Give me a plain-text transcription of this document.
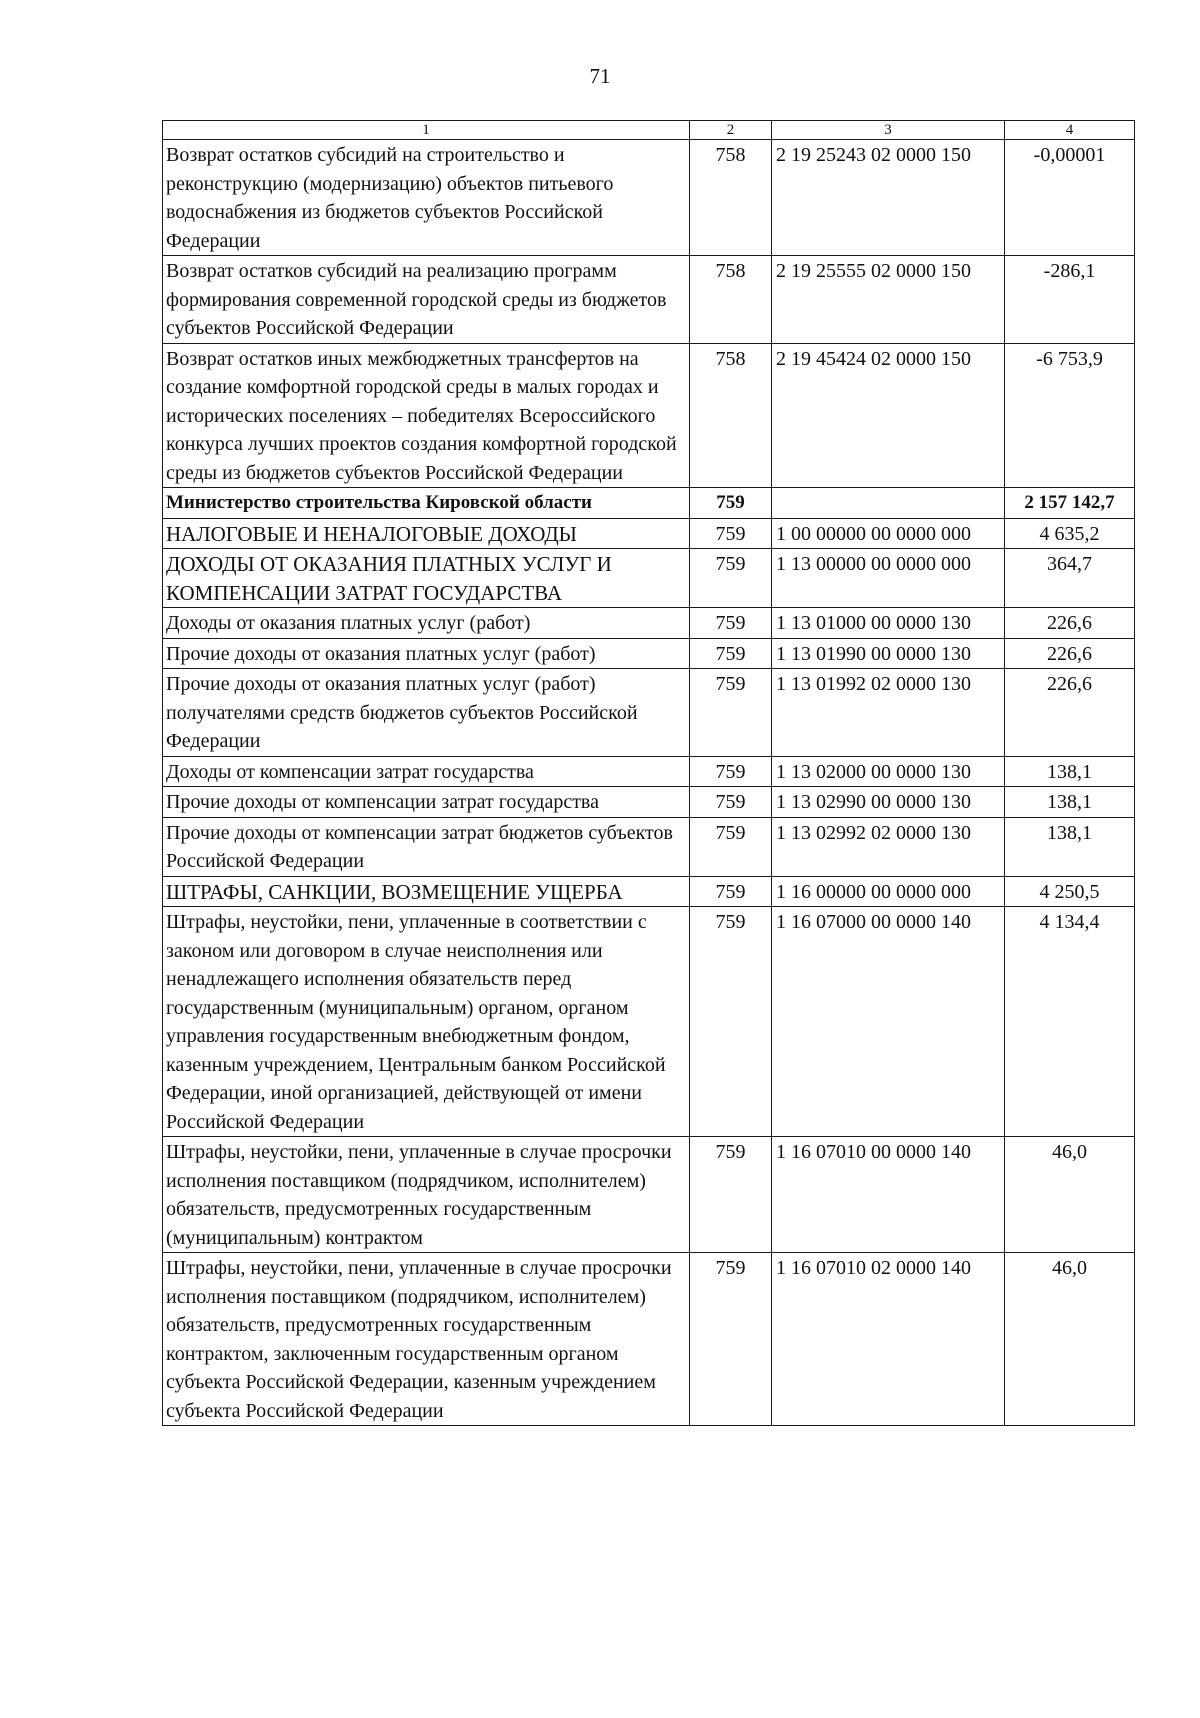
71
1	2	3	4
Возврат остатков субсидий на строительство и реконструкцию (модернизацию) объектов питьевого водоснабжения из бюджетов субъектов Российской Федерации	758	2 19 25243 02 0000 150	-0,00001
Возврат остатков субсидий на реализацию программ формирования современной городской среды из бюджетов субъектов Российской Федерации	758	2 19 25555 02 0000 150	-286,1
Возврат остатков иных межбюджетных трансфертов на создание комфортной городской среды в малых городах и исторических поселениях – победителях Всероссийского конкурса лучших проектов создания комфортной городской среды из бюджетов субъектов Российской Федерации	758	2 19 45424 02 0000 150	-6 753,9
Министерство строительства Кировской области	759		2 157 142,7
НАЛОГОВЫЕ И НЕНАЛОГОВЫЕ ДОХОДЫ	759	1 00 00000 00 0000 000	4 635,2
ДОХОДЫ ОТ ОКАЗАНИЯ ПЛАТНЫХ УСЛУГ И КОМПЕНСАЦИИ ЗАТРАТ ГОСУДАРСТВА	759	1 13 00000 00 0000 000	364,7
Доходы от оказания платных услуг (работ)	759	1 13 01000 00 0000 130	226,6
Прочие доходы от оказания платных услуг (работ)	759	1 13 01990 00 0000 130	226,6
Прочие доходы от оказания платных услуг (работ) получателями средств бюджетов субъектов Российской Федерации	759	1 13 01992 02 0000 130	226,6
Доходы от компенсации затрат государства	759	1 13 02000 00 0000 130	138,1
Прочие доходы от компенсации затрат государства	759	1 13 02990 00 0000 130	138,1
Прочие доходы от компенсации затрат бюджетов субъектов Российской Федерации	759	1 13 02992 02 0000 130	138,1
ШТРАФЫ, САНКЦИИ, ВОЗМЕЩЕНИЕ УЩЕРБА	759	1 16 00000 00 0000 000	4 250,5
Штрафы, неустойки, пени, уплаченные в соответствии с законом или договором в случае неисполнения или ненадлежащего исполнения обязательств перед государственным (муниципальным) органом, органом управления государственным внебюджетным фондом, казенным учреждением, Центральным банком Российской Федерации, иной организацией, действующей от имени Российской Федерации	759	1 16 07000 00 0000 140	4 134,4
Штрафы, неустойки, пени, уплаченные в случае просрочки исполнения поставщиком (подрядчиком, исполнителем) обязательств, предусмотренных государственным (муниципальным) контрактом	759	1 16 07010 00 0000 140	46,0
Штрафы, неустойки, пени, уплаченные в случае просрочки исполнения поставщиком (подрядчиком, исполнителем) обязательств, предусмотренных государственным контрактом, заключенным государственным органом субъекта Российской Федерации, казенным учреждением субъекта Российской Федерации	759	1 16 07010 02 0000 140	46,0
